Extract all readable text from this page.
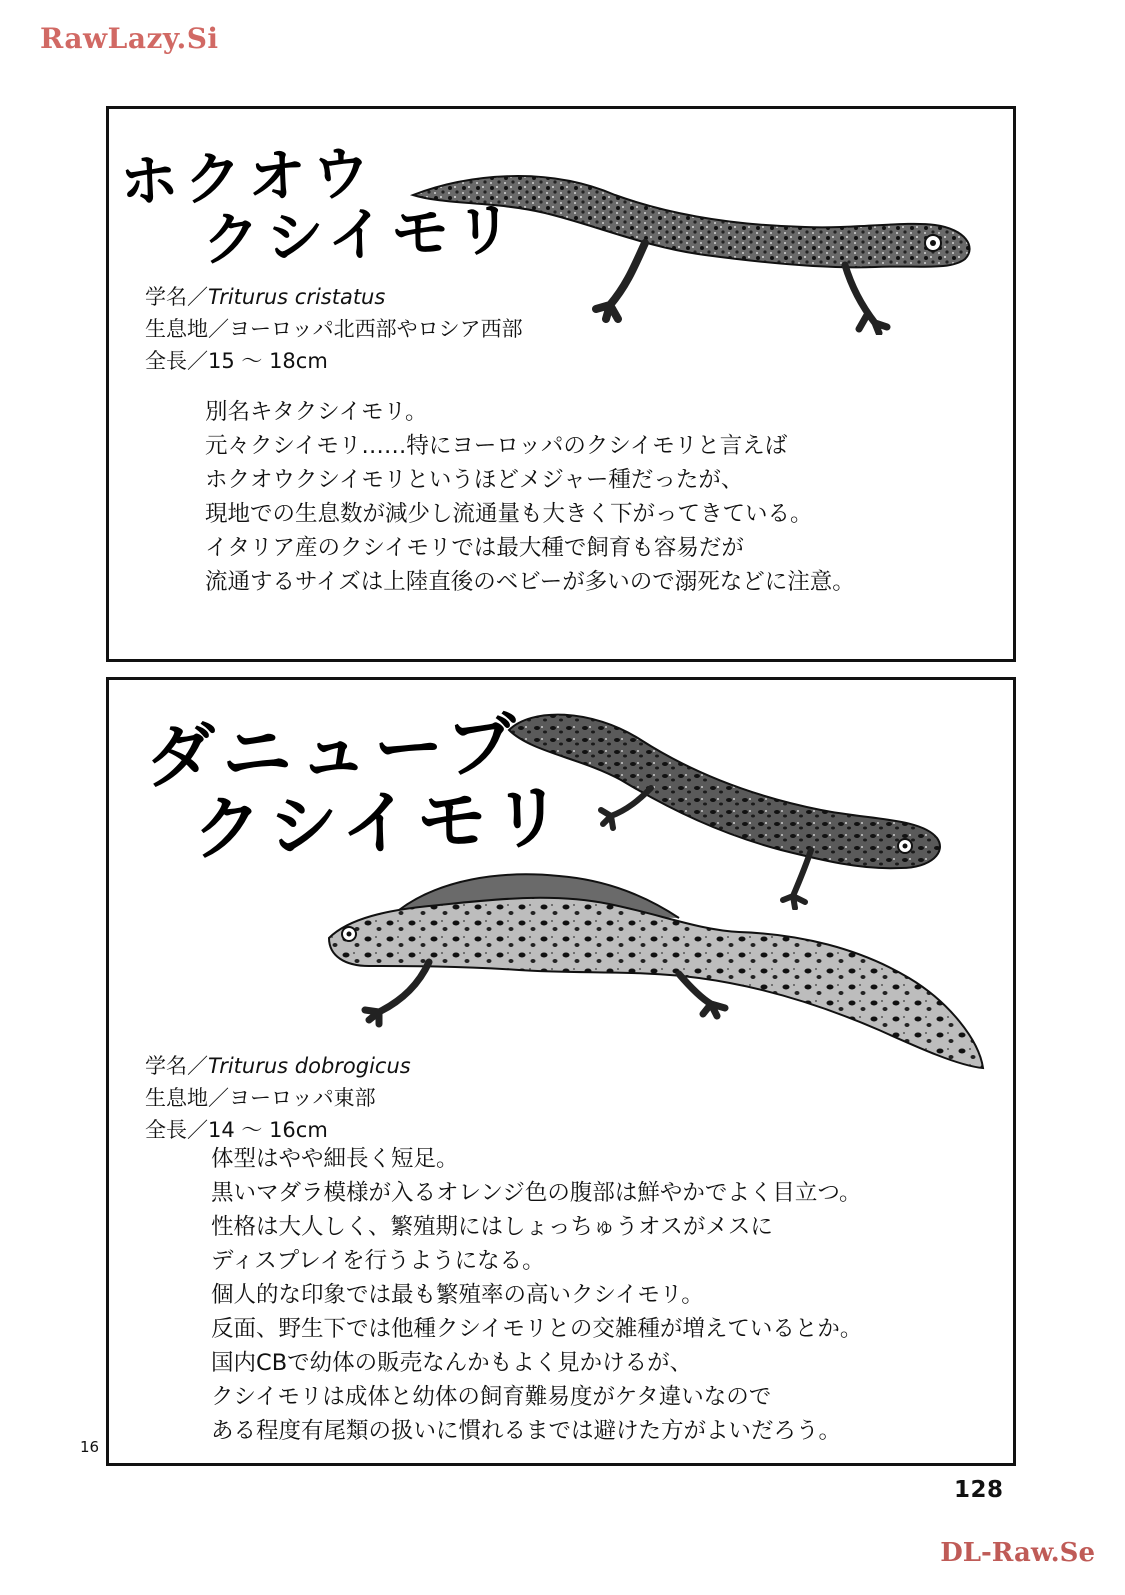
RawLazy.Si
ホクオウ
クシイモリ
学名／Triturus cristatus
生息地／ヨーロッパ北西部やロシア西部
全長／15 ～ 18cm
別名キタクシイモリ。
元々クシイモリ……特にヨーロッパのクシイモリと言えば
ホクオウクシイモリというほどメジャー種だったが、
現地での生息数が減少し流通量も大きく下がってきている。
イタリア産のクシイモリでは最大種で飼育も容易だが
流通するサイズは上陸直後のベビーが多いので溺死などに注意。
ダニューブ
クシイモリ
学名／Triturus dobrogicus
生息地／ヨーロッパ東部
全長／14 ～ 16cm
体型はやや細長く短足。
黒いマダラ模様が入るオレンジ色の腹部は鮮やかでよく目立つ。
性格は大人しく、繁殖期にはしょっちゅうオスがメスに
ディスプレイを行うようになる。
個人的な印象では最も繁殖率の高いクシイモリ。
反面、野生下では他種クシイモリとの交雑種が増えているとか。
国内CBで幼体の販売なんかもよく見かけるが、
クシイモリは成体と幼体の飼育難易度がケタ違いなので
ある程度有尾類の扱いに慣れるまでは避けた方がよいだろう。
16
128
DL-Raw.Se
